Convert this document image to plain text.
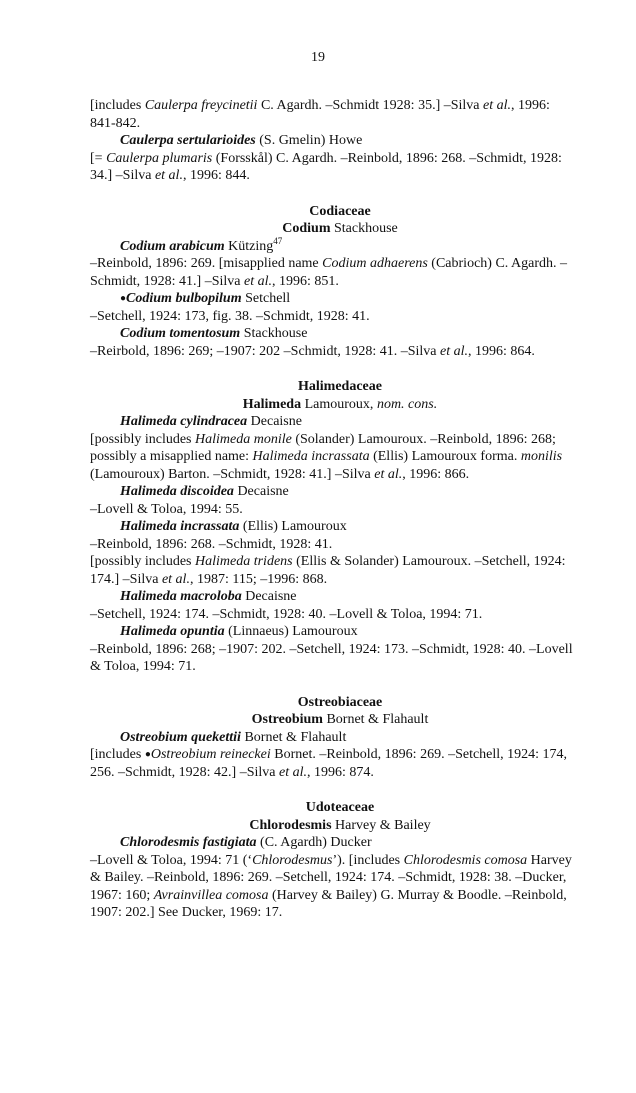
19
[includes Caulerpa freycinetii C. Agardh. –Schmidt 1928: 35.] –Silva et al., 1996:
841-842.
Caulerpa sertularioides (S. Gmelin) Howe
[= Caulerpa plumaris (Forsskål) C. Agardh. –Reinbold, 1896: 268. –Schmidt, 1928:
34.] –Silva et al., 1996: 844.
Codiaceae
Codium Stackhouse
Codium arabicum Kützing$^{47}$
–Reinbold, 1896: 269. [misapplied name Codium adhaerens (Cabrioch) C. Agardh. –
Schmidt, 1928: 41.] –Silva et al., 1996: 851.
●Codium bulbopilum Setchell
–Setchell, 1924: 173, fig. 38. –Schmidt, 1928: 41.
Codium tomentosum Stackhouse
–Reirbold, 1896: 269; –1907: 202 –Schmidt, 1928: 41. –Silva et al., 1996: 864.
Halimedaceae
Halimeda Lamouroux, nom. cons.
Halimeda cylindracea Decaisne
[possibly includes Halimeda monile (Solander) Lamouroux. –Reinbold, 1896: 268;
possibly a misapplied name: Halimeda incrassata (Ellis) Lamouroux forma. monilis
(Lamouroux) Barton. –Schmidt, 1928: 41.] –Silva et al., 1996: 866.
Halimeda discoidea Decaisne
–Lovell & Toloa, 1994: 55.
Halimeda incrassata (Ellis) Lamouroux
–Reinbold, 1896: 268. –Schmidt, 1928: 41.
[possibly includes Halimeda tridens (Ellis & Solander) Lamouroux. –Setchell, 1924:
174.] –Silva et al., 1987: 115; –1996: 868.
Halimeda macroloba Decaisne
–Setchell, 1924: 174. –Schmidt, 1928: 40. –Lovell & Toloa, 1994: 71.
Halimeda opuntia (Linnaeus) Lamouroux
–Reinbold, 1896: 268; –1907: 202. –Setchell, 1924: 173. –Schmidt, 1928: 40. –Lovell
& Toloa, 1994: 71.
Ostreobiaceae
Ostreobium Bornet & Flahault
Ostreobium quekettii Bornet & Flahault
[includes ●Ostreobium reineckei Bornet. –Reinbold, 1896: 269. –Setchell, 1924: 174,
256. –Schmidt, 1928: 42.] –Silva et al., 1996: 874.
Udoteaceae
Chlorodesmis Harvey & Bailey
Chlorodesmis fastigiata (C. Agardh) Ducker
–Lovell & Toloa, 1994: 71 (‘Chlorodesmus’). [includes Chlorodesmis comosa Harvey
& Bailey. –Reinbold, 1896: 269. –Setchell, 1924: 174. –Schmidt, 1928: 38. –Ducker,
1967: 160; Avrainvillea comosa (Harvey & Bailey) G. Murray & Boodle. –Reinbold,
1907: 202.] See Ducker, 1969: 17.
